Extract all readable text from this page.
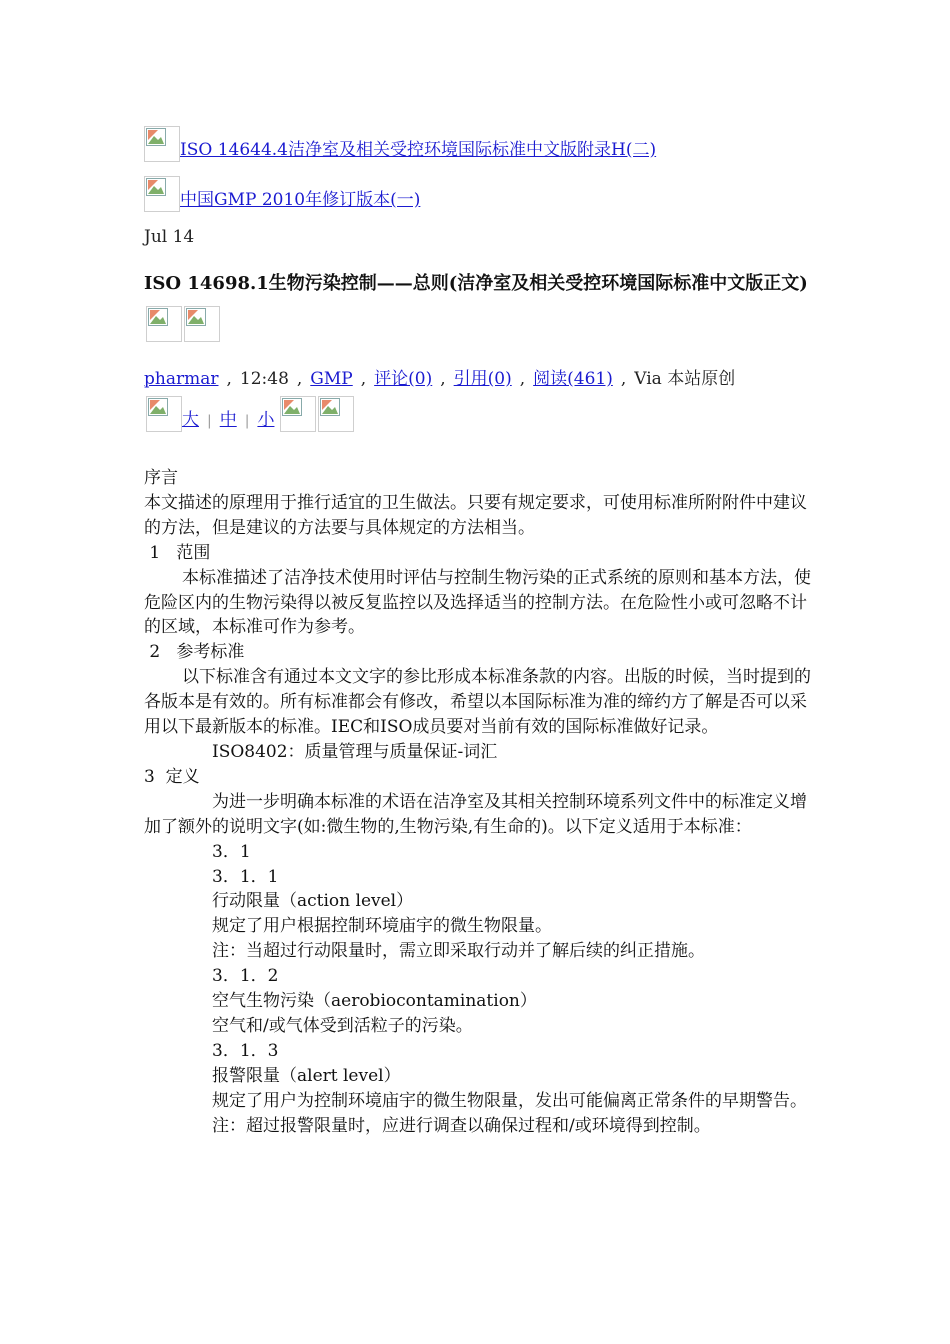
ISO 14644.4洁净室及相关受控环境国际标准中文版附录H(二)
中国GMP 2010年修订版本(一)
Jul 14
ISO 14698.1生物污染控制——总则(洁净室及相关受控环境国际标准中文版正文)
pharmar , 12:48 , GMP , 评论(0) , 引用(0) , 阅读(461) , Via 本站原创
大 | 中 | 小

序言

本文描述的原理用于推行适宜的卫生做法。只要有规定要求，可使用标准所附附件中建议的方法，但是建议的方法要与具体规定的方法相当。

1   范围

本标准描述了洁净技术使用时评估与控制生物污染的正式系统的原则和基本方法，使危险区内的生物污染得以被反复监控以及选择适当的控制方法。在危险性小或可忽略不计的区域，本标准可作为参考。

2   参考标准

以下标准含有通过本文文字的参比形成本标准条款的内容。出版的时候，当时提到的各版本是有效的。所有标准都会有修改，希望以本国际标准为准的缔约方了解是否可以采用以下最新版本的标准。IEC和ISO成员要对当前有效的国际标准做好记录。

ISO8402：质量管理与质量保证-词汇

3  定义

为进一步明确本标准的术语在洁净室及其相关控制环境系列文件中的标准定义增加了额外的说明文字(如:微生物的,生物污染,有生命的)。以下定义适用于本标准：

3．1

3．1．1

行动限量（action level）

规定了用户根据控制环境庙宇的微生物限量。

注：当超过行动限量时，需立即采取行动并了解后续的纠正措施。

3．1．2

空气生物污染（aerobiocontamination）

空气和/或气体受到活粒子的污染。

3．1．3

报警限量（alert level）

规定了用户为控制环境庙宇的微生物限量，发出可能偏离正常条件的早期警告。

注：超过报警限量时，应进行调查以确保过程和/或环境得到控制。
